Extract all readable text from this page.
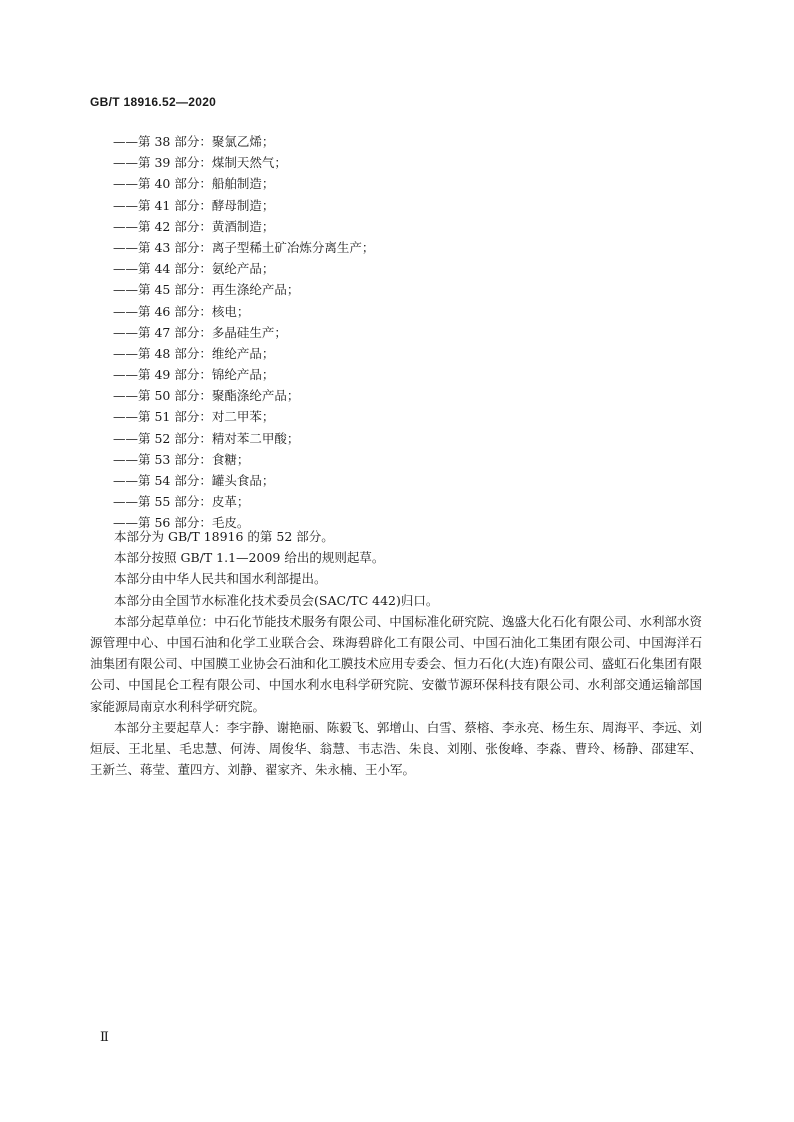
GB/T 18916.52—2020
——第 38 部分：聚氯乙烯；
——第 39 部分：煤制天然气；
——第 40 部分：船舶制造；
——第 41 部分：酵母制造；
——第 42 部分：黄酒制造；
——第 43 部分：离子型稀土矿冶炼分离生产；
——第 44 部分：氨纶产品；
——第 45 部分：再生涤纶产品；
——第 46 部分：核电；
——第 47 部分：多晶硅生产；
——第 48 部分：维纶产品；
——第 49 部分：锦纶产品；
——第 50 部分：聚酯涤纶产品；
——第 51 部分：对二甲苯；
——第 52 部分：精对苯二甲酸；
——第 53 部分：食糖；
——第 54 部分：罐头食品；
——第 55 部分：皮革；
——第 56 部分：毛皮。

本部分为 GB/T 18916 的第 52 部分。

本部分按照 GB/T 1.1—2009 给出的规则起草。

本部分由中华人民共和国水利部提出。

本部分由全国节水标准化技术委员会(SAC/TC 442)归口。

本部分起草单位：中石化节能技术服务有限公司、中国标准化研究院、逸盛大化石化有限公司、水利部水资源管理中心、中国石油和化学工业联合会、珠海碧辟化工有限公司、中国石油化工集团有限公司、中国海洋石油集团有限公司、中国膜工业协会石油和化工膜技术应用专委会、恒力石化(大连)有限公司、盛虹石化集团有限公司、中国昆仑工程有限公司、中国水利水电科学研究院、安徽节源环保科技有限公司、水利部交通运输部国家能源局南京水利科学研究院。

本部分主要起草人：李宇静、谢艳丽、陈毅飞、郭增山、白雪、蔡榕、李永亮、杨生东、周海平、李远、刘烜辰、王北星、毛忠慧、何涛、周俊华、翁慧、韦志浩、朱良、刘刚、张俊峰、李淼、曹玲、杨静、邵建军、王新兰、蒋莹、董四方、刘静、翟家齐、朱永楠、王小军。

Ⅱ
